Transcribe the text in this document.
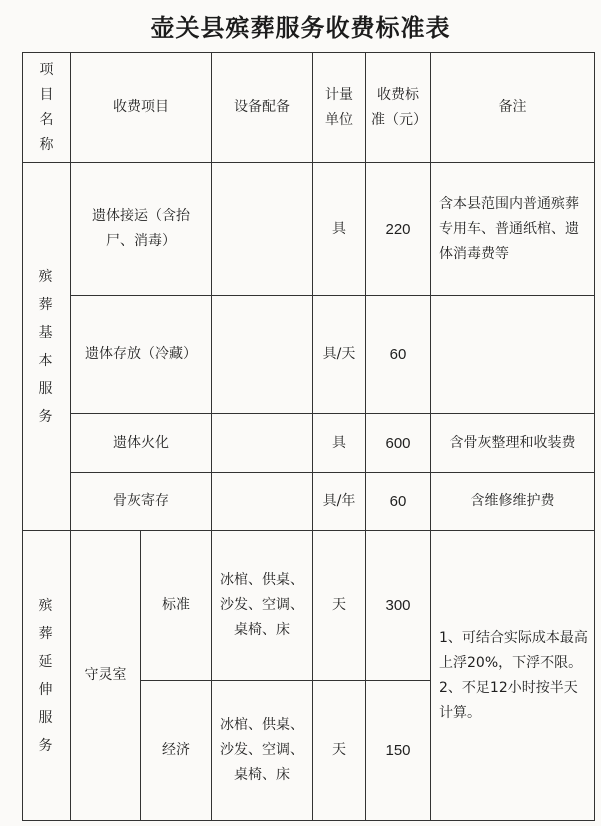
壶关县殡葬服务收费标准表
项目名称	收费项目		设备配备	计量单位	收费标准（元）	备注
殡葬基本服务	遗体接运（含抬尸、消毒）			具	220	含本县范围内普通殡葬专用车、普通纸棺、遗体消毒费等
	遗体存放（冷藏）			具/天	60	
	遗体火化			具	600	含骨灰整理和收装费
	骨灰寄存			具/年	60	含维修维护费
殡葬延伸服务	守灵室	标准	冰棺、供桌、沙发、空调、桌椅、床	天	300	1、可结合实际成本最高上浮20%，下浮不限。
2、不足12小时按半天计算。

		经济	冰棺、供桌、沙发、空调、桌椅、床	天	150	
